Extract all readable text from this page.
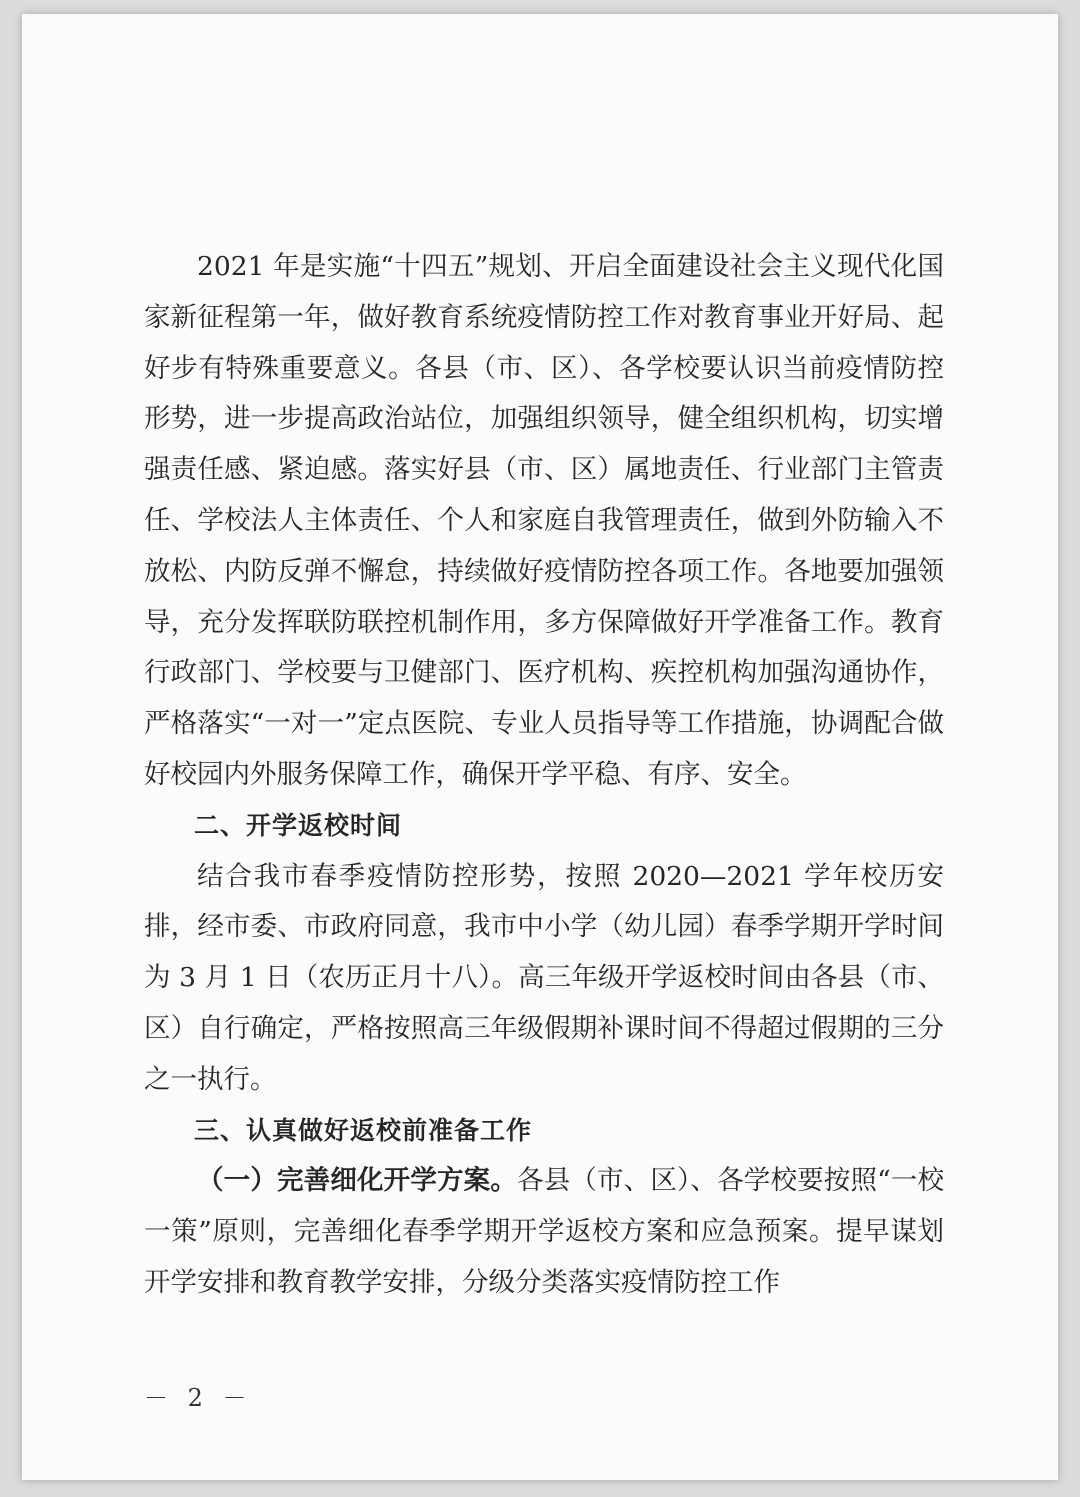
2021 年是实施“十四五”规划、开启全面建设社会主义现代化国家新征程第一年，做好教育系统疫情防控工作对教育事业开好局、起好步有特殊重要意义。各县（市、区）、各学校要认识当前疫情防控形势，进一步提高政治站位，加强组织领导，健全组织机构，切实增强责任感、紧迫感。落实好县（市、区）属地责任、行业部门主管责任、学校法人主体责任、个人和家庭自我管理责任，做到外防输入不放松、内防反弹不懈怠，持续做好疫情防控各项工作。各地要加强领导，充分发挥联防联控机制作用，多方保障做好开学准备工作。教育行政部门、学校要与卫健部门、医疗机构、疾控机构加强沟通协作，严格落实“一对一”定点医院、专业人员指导等工作措施，协调配合做好校园内外服务保障工作，确保开学平稳、有序、安全。

二、开学返校时间

结合我市春季疫情防控形势，按照 2020—2021 学年校历安排，经市委、市政府同意，我市中小学（幼儿园）春季学期开学时间为 3 月 1 日（农历正月十八）。高三年级开学返校时间由各县（市、区）自行确定，严格按照高三年级假期补课时间不得超过假期的三分之一执行。

三、认真做好返校前准备工作

（一）完善细化开学方案。各县（市、区）、各学校要按照“一校一策”原则，完善细化春季学期开学返校方案和应急预案。提早谋划开学安排和教育教学安排，分级分类落实疫情防控工作

－ 2 －
